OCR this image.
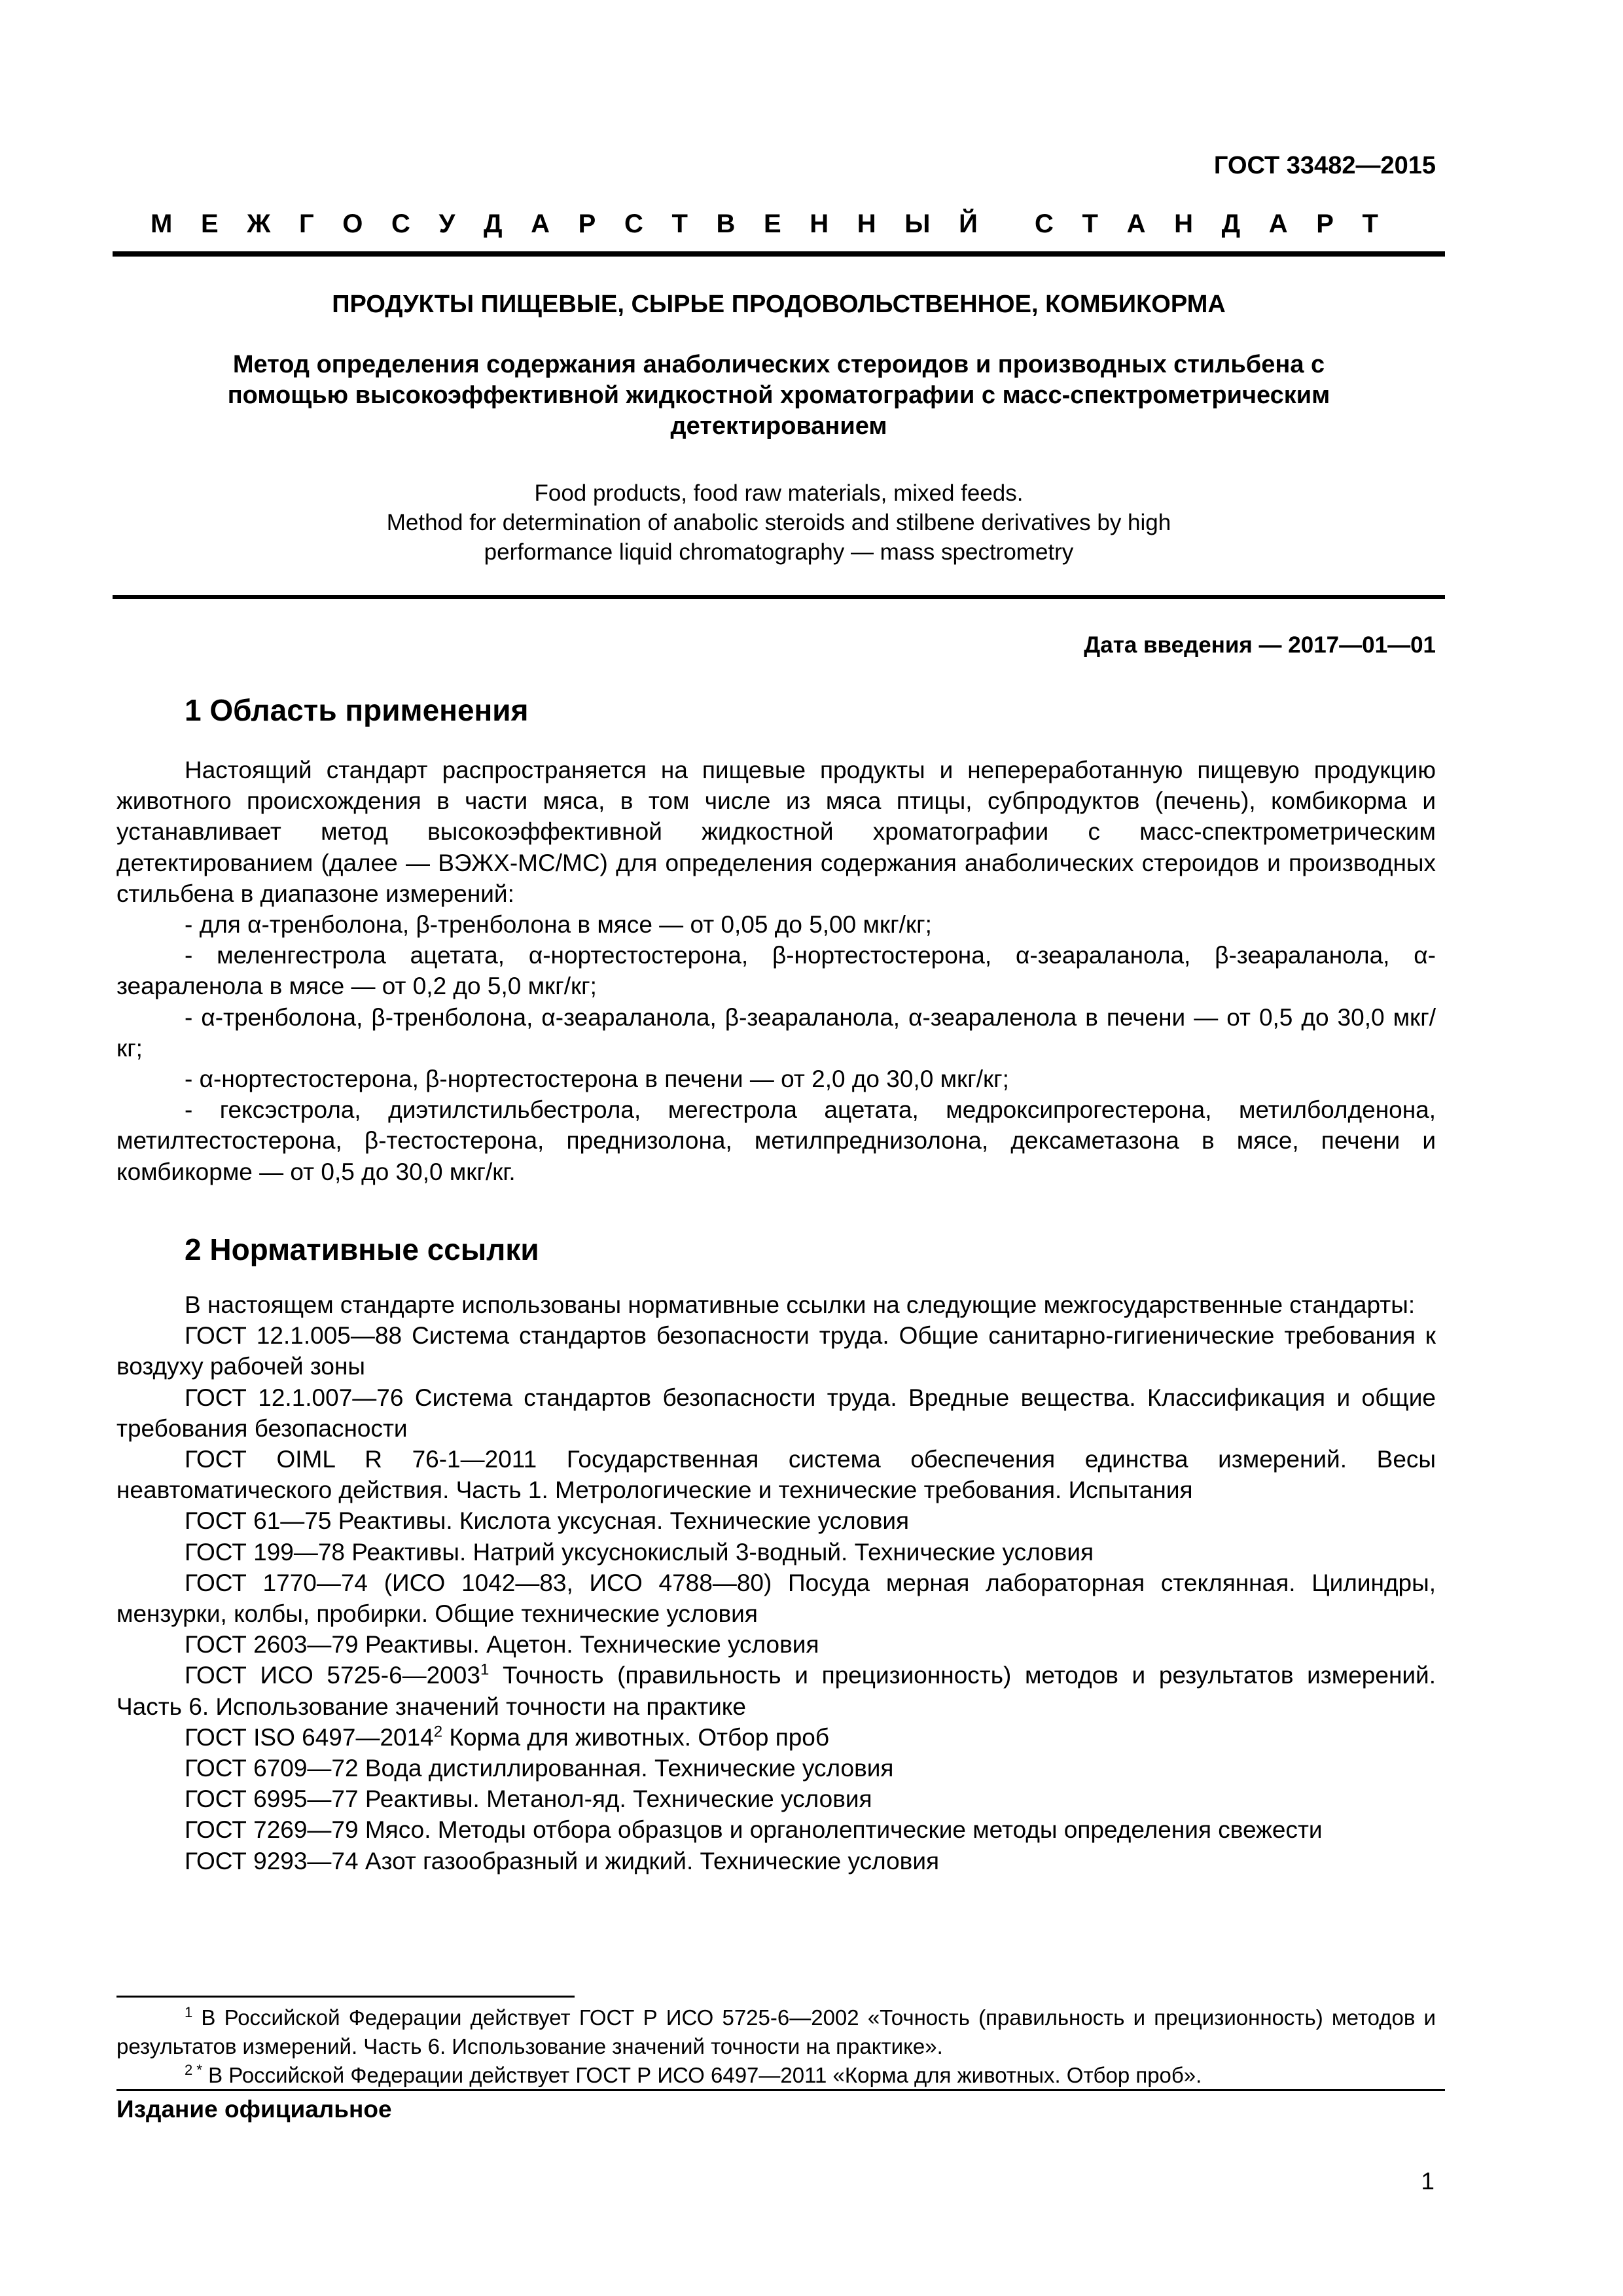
ГОСТ 33482—2015
М Е Ж Г О С У Д А Р С Т В Е Н Н Ы Й С Т А Н Д А Р Т
ПРОДУКТЫ ПИЩЕВЫЕ, СЫРЬЕ ПРОДОВОЛЬСТВЕННОЕ, КОМБИКОРМА
Метод определения содержания анаболических стероидов и производных стильбена с
помощью высокоэффективной жидкостной хроматографии с масс-спектрометрическим
детектированием
Food products, food raw materials, mixed feeds.
Method for determination of anabolic steroids and stilbene derivatives by high
performance liquid chromatography — mass spectrometry
Дата введения — 2017—01—01
1 Область применения

Настоящий стандарт распространяется на пищевые продукты и непереработанную пищевую продукцию животного происхождения в части мяса, в том числе из мяса птицы, субпродуктов (печень), комбикорма и устанавливает метод высокоэффективной жидкостной хроматографии с масс-спектрометрическим детектированием (далее — ВЭЖХ-МС/МС) для определения содержания анаболических стероидов и производных стильбена в диапазоне измерений:

- для α-тренболона, β-тренболона в мясе — от 0,05 до 5,00 мкг/кг;

- меленгестрола ацетата, α-нортестостерона, β-нортестостерона, α-зеараланола, β-зеараланола, α-зеараленола в мясе — от 0,2 до 5,0 мкг/кг;

- α-тренболона, β-тренболона, α-зеараланола, β-зеараланола, α-зеараленола в печени — от 0,5 до 30,0 мкг/кг;

- α-нортестостерона, β-нортестостерона в печени — от 2,0 до 30,0 мкг/кг;

- гексэстрола, диэтилстильбестрола, мегестрола ацетата, медроксипрогестерона, метилболденона, метилтестостерона, β-тестостерона, преднизолона, метилпреднизолона, дексаметазона в мясе, печени и комбикорме — от 0,5 до 30,0 мкг/кг.

2 Нормативные ссылки

В настоящем стандарте использованы нормативные ссылки на следующие межгосударственные стандарты:

ГОСТ 12.1.005—88 Система стандартов безопасности труда. Общие санитарно-гигиенические требования к воздуху рабочей зоны

ГОСТ 12.1.007—76 Система стандартов безопасности труда. Вредные вещества. Классификация и общие требования безопасности

ГОСТ OIML R 76-1—2011 Государственная система обеспечения единства измерений. Весы неавтоматического действия. Часть 1. Метрологические и технические требования. Испытания

ГОСТ 61—75 Реактивы. Кислота уксусная. Технические условия

ГОСТ 199—78 Реактивы. Натрий уксуснокислый 3-водный. Технические условия

ГОСТ 1770—74 (ИСО 1042—83, ИСО 4788—80) Посуда мерная лабораторная стеклянная. Цилиндры, мензурки, колбы, пробирки. Общие технические условия

ГОСТ 2603—79 Реактивы. Ацетон. Технические условия

ГОСТ ИСО 5725-6—2003$^1$ Точность (правильность и прецизионность) методов и результатов измерений. Часть 6. Использование значений точности на практике

ГОСТ ISO 6497—2014$^2$ Корма для животных. Отбор проб

ГОСТ 6709—72 Вода дистиллированная. Технические условия

ГОСТ 6995—77 Реактивы. Метанол-яд. Технические условия

ГОСТ 7269—79 Мясо. Методы отбора образцов и органолептические методы определения свежести

ГОСТ 9293—74 Азот газообразный и жидкий. Технические условия

$^1$ В Российской Федерации действует ГОСТ Р ИСО 5725-6—2002 «Точность (правильность и прецизионность) методов и результатов измерений. Часть 6. Использование значений точности на практике».

$^{2 *}$ В Российской Федерации действует ГОСТ Р ИСО 6497—2011 «Корма для животных. Отбор проб».

Издание официальное
1
